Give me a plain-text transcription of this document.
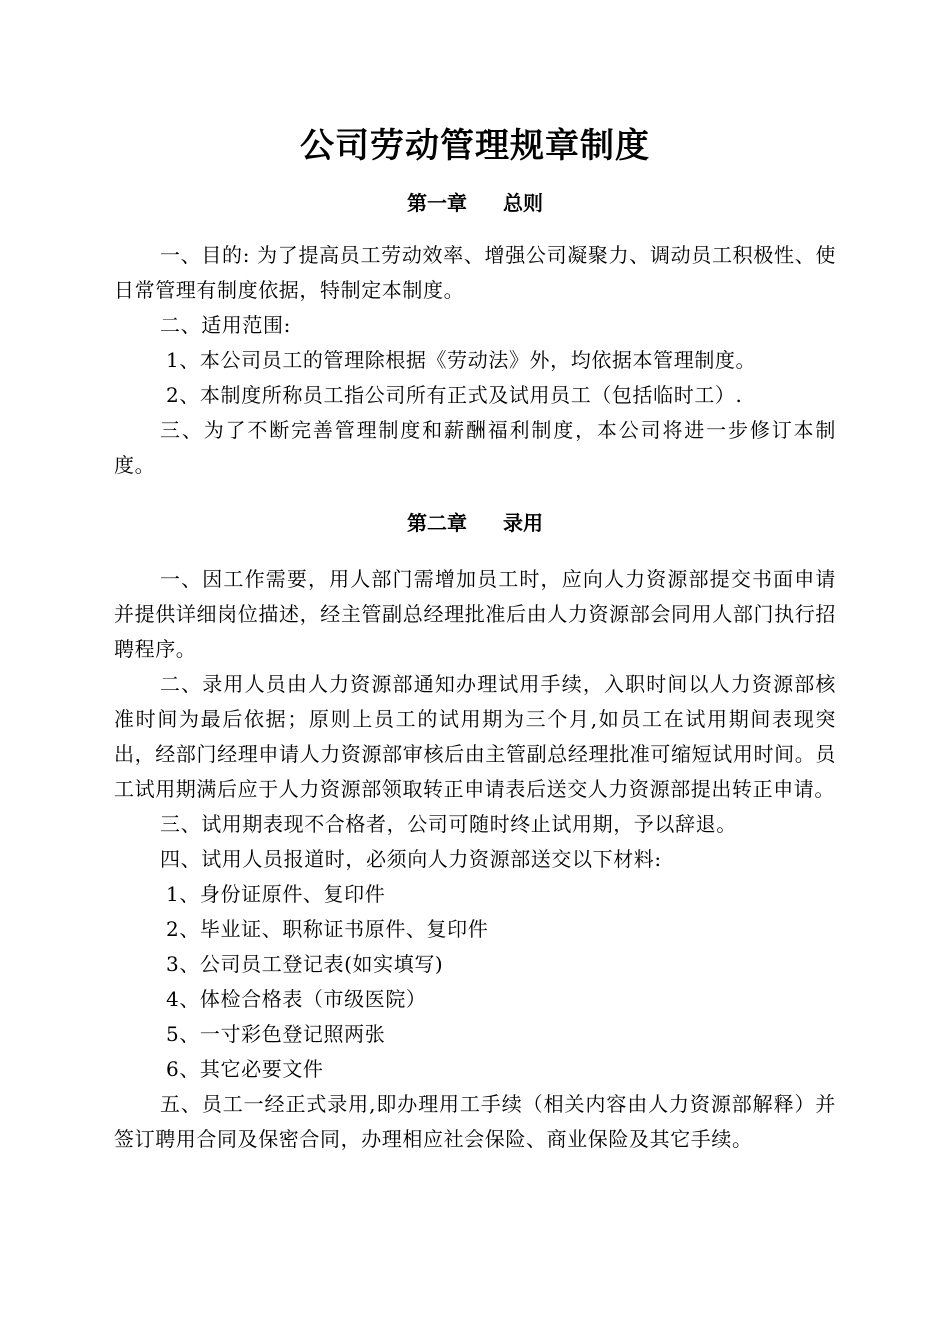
公司劳动管理规章制度
第一章 总则

一、目的: 为了提高员工劳动效率、增强公司凝聚力、调动员工积极性、使日常管理有制度依据，特制定本制度。

二、适用范围:

1、本公司员工的管理除根据《劳动法》外，均依据本管理制度。

2、本制度所称员工指公司所有正式及试用员工（包括临时工）.

三、为了不断完善管理制度和薪酬福利制度，本公司将进一步修订本制度。

第二章 录用

一、因工作需要，用人部门需增加员工时，应向人力资源部提交书面申请并提供详细岗位描述，经主管副总经理批准后由人力资源部会同用人部门执行招聘程序。

二、录用人员由人力资源部通知办理试用手续，入职时间以人力资源部核准时间为最后依据；原则上员工的试用期为三个月,如员工在试用期间表现突出，经部门经理申请人力资源部审核后由主管副总经理批准可缩短试用时间。员工试用期满后应于人力资源部领取转正申请表后送交人力资源部提出转正申请。

三、试用期表现不合格者，公司可随时终止试用期，予以辞退。

四、试用人员报道时，必须向人力资源部送交以下材料:

1、身份证原件、复印件

2、毕业证、职称证书原件、复印件

3、公司员工登记表(如实填写)

4、体检合格表（市级医院）

5、一寸彩色登记照两张

6、其它必要文件

五、员工一经正式录用,即办理用工手续（相关内容由人力资源部解释）并签订聘用合同及保密合同，办理相应社会保险、商业保险及其它手续。
